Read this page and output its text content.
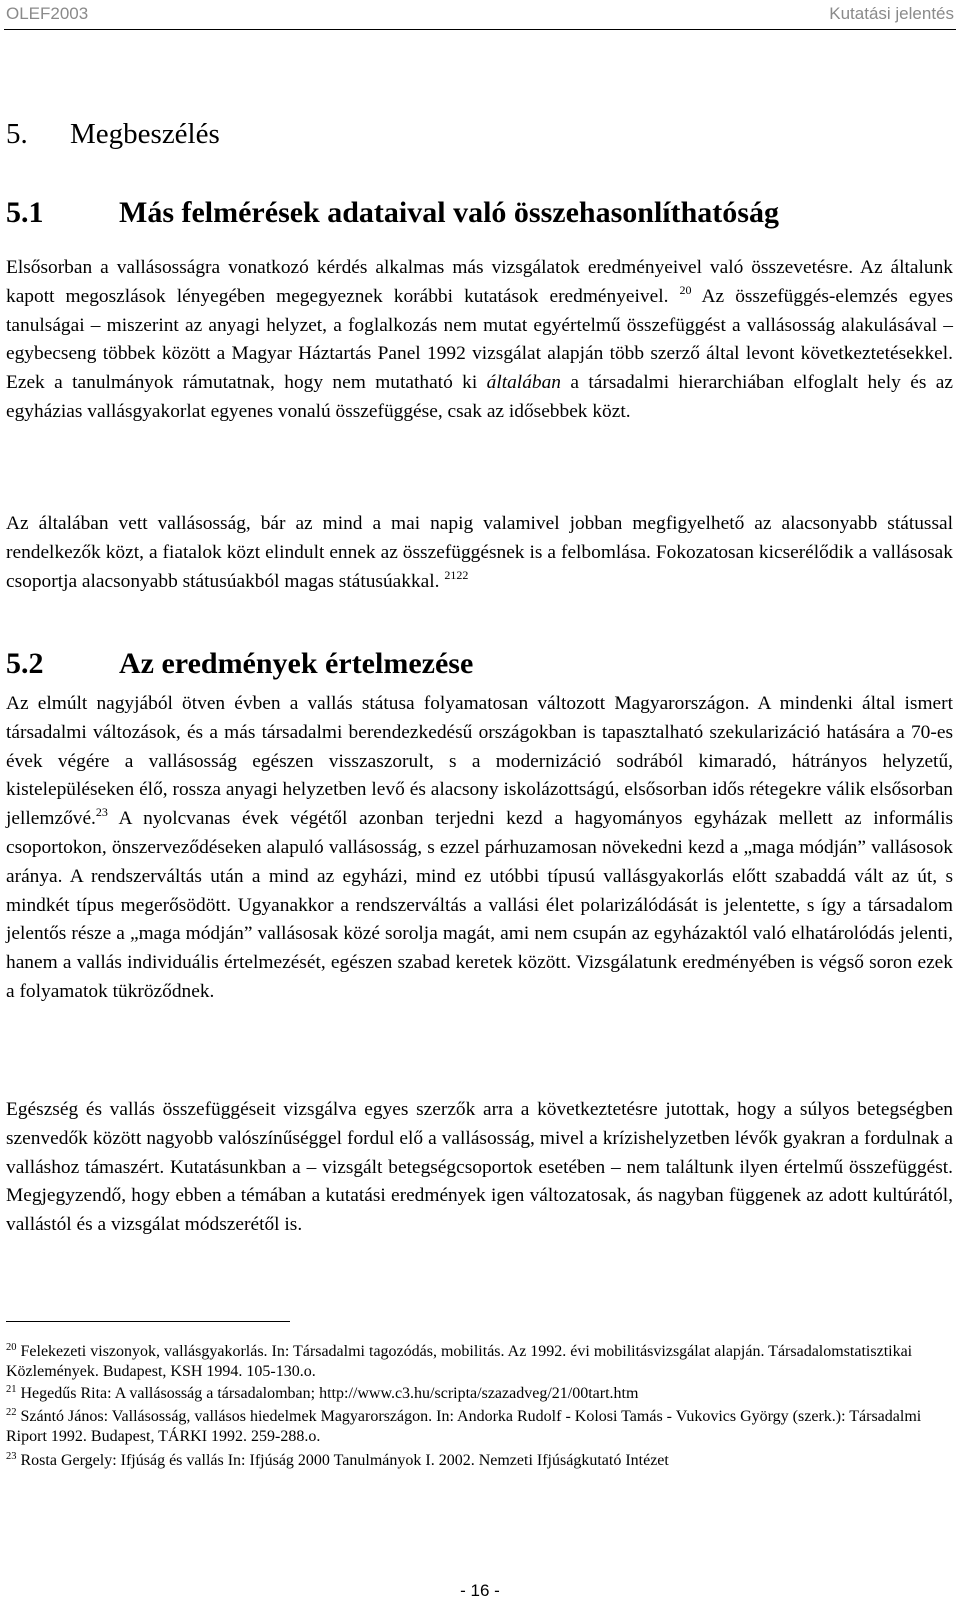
OLEF2003	Kutatási jelentés
5. Megbeszélés
5.1	Más felmérések adataival való összehasonlíthatóság

Elsősorban a vallásosságra vonatkozó kérdés alkalmas más vizsgálatok eredményeivel való összevetésre. Az általunk kapott megoszlások lényegében megegyeznek korábbi kutatások eredményeivel. $^{20}$ Az összefüggés-elemzés egyes tanulságai – miszerint az anyagi helyzet, a foglalkozás nem mutat egyértelmű összefüggést a vallásosság alakulásával – egybecseng többek között a Magyar Háztartás Panel 1992 vizsgálat alapján több szerző által levont következtetésekkel. Ezek a tanulmányok rámutatnak, hogy nem mutatható ki általában a társadalmi hierarchiában elfoglalt hely és az egyházias vallásgyakorlat egyenes vonalú összefüggése, csak az idősebbek közt.

Az általában vett vallásosság, bár az mind a mai napig valamivel jobban megfigyelhető az alacsonyabb státussal rendelkezők közt, a fiatalok közt elindult ennek az összefüggésnek is a felbomlása. Fokozatosan kicserélődik a vallásosak csoportja alacsonyabb státusúakból magas státusúakkal. $^{2122}$

5.2	Az eredmények értelmezése

Az elmúlt nagyjából ötven évben a vallás státusa folyamatosan változott Magyarországon. A mindenki által ismert társadalmi változások, és a más társadalmi berendezkedésű országokban is tapasztalható szekularizáció hatására a 70-es évek végére a vallásosság egészen visszaszorult, s a modernizáció sodrából kimaradó, hátrányos helyzetű, kistelepüléseken élő, rossza anyagi helyzetben levő és alacsony iskolázottságú, elsősorban idős rétegekre válik elsősorban jellemzővé.$^{23}$ A nyolcvanas évek végétől azonban terjedni kezd a hagyományos egyházak mellett az informális csoportokon, önszerveződéseken alapuló vallásosság, s ezzel párhuzamosan növekedni kezd a „maga módján” vallásosok aránya. A rendszerváltás után a mind az egyházi, mind ez utóbbi típusú vallásgyakorlás előtt szabaddá vált az út, s mindkét típus megerősödött. Ugyanakkor a rendszerváltás a vallási élet polarizálódását is jelentette, s így a társadalom jelentős része a „maga módján” vallásosak közé sorolja magát, ami nem csupán az egyházaktól való elhatárolódás jelenti, hanem a vallás individuális értelmezését, egészen szabad keretek között. Vizsgálatunk eredményében is végső soron ezek a folyamatok tükröződnek.

Egészség és vallás összefüggéseit vizsgálva egyes szerzők arra a következtetésre jutottak, hogy a súlyos betegségben szenvedők között nagyobb valószínűséggel fordul elő a vallásosság, mivel a krízishelyzetben lévők gyakran a fordulnak a valláshoz támaszért. Kutatásunkban a – vizsgált betegségcsoportok esetében – nem találtunk ilyen értelmű összefüggést. Megjegyzendő, hogy ebben a témában a kutatási eredmények igen változatosak, ás nagyban függenek az adott kultúrától, vallástól és a vizsgálat módszerétől is.

$^{20}$ Felekezeti viszonyok, vallásgyakorlás. In: Társadalmi tagozódás, mobilitás. Az 1992. évi mobilitásvizsgálat alapján. Társadalomstatisztikai Közlemények. Budapest, KSH 1994. 105-130.o.

$^{21}$ Hegedűs Rita: A vallásosság a társadalomban; http://www.c3.hu/scripta/szazadveg/21/00tart.htm

$^{22}$ Szántó János: Vallásosság, vallásos hiedelmek Magyarországon. In: Andorka Rudolf - Kolosi Tamás - Vukovics György (szerk.): Társadalmi Riport 1992. Budapest, TÁRKI 1992. 259-288.o.

$^{23}$ Rosta Gergely: Ifjúság és vallás In: Ifjúság 2000 Tanulmányok I. 2002. Nemzeti Ifjúságkutató Intézet

- 16 -
